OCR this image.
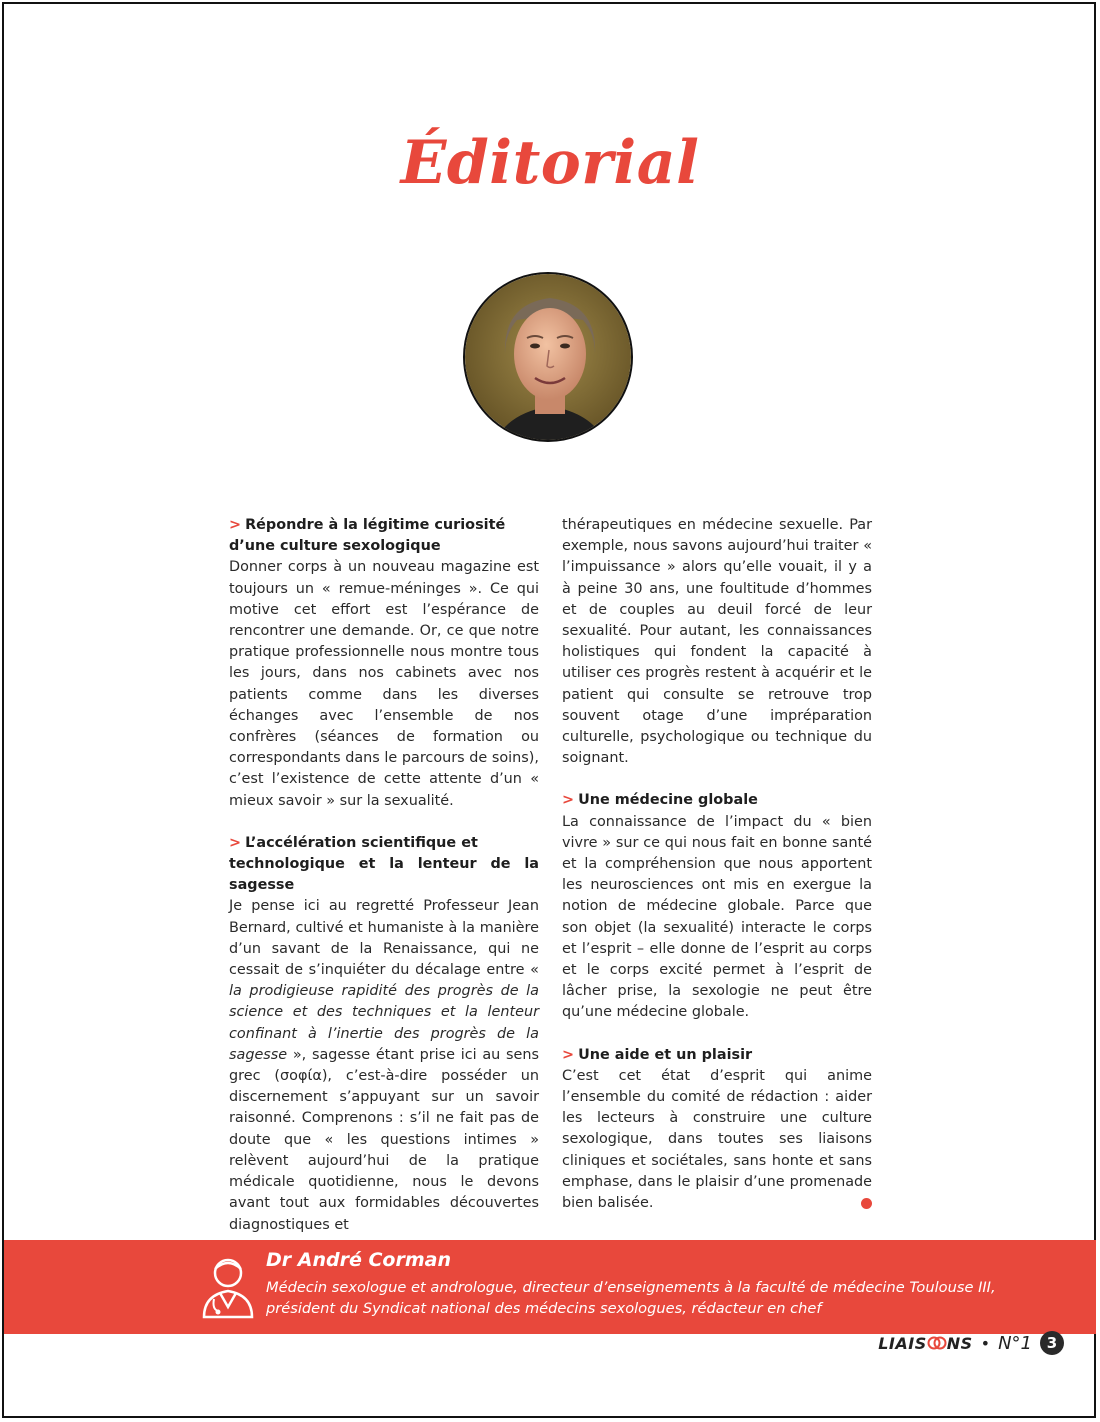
Éditorial

> Répondre à la légitime curiosité
d’une culture sexologique

Donner corps à un nouveau magazine est toujours un « remue-méninges ». Ce qui motive cet effort est l’espérance de rencontrer une demande. Or, ce que notre pratique professionnelle nous montre tous les jours, dans nos cabinets avec nos patients comme dans les diverses échanges avec l’ensemble de nos confrères (séances de formation ou correspondants dans le parcours de soins), c’est l’existence de cette attente d’un « mieux savoir » sur la sexualité.

> L’accélération scientifique et
technologique et la lenteur de la sagesse

Je pense ici au regretté Professeur Jean Bernard, cultivé et humaniste à la manière d’un savant de la Renaissance, qui ne cessait de s’inquiéter du décalage entre « la prodigieuse rapidité des progrès de la science et des techniques et la lenteur confinant à l’inertie des progrès de la sagesse », sagesse étant prise ici au sens grec (σοφία), c’est-à-dire posséder un discernement s’appuyant sur un savoir raisonné. Comprenons : s’il ne fait pas de doute que « les questions intimes » relèvent aujourd’hui de la pratique médicale quotidienne, nous le devons avant tout aux formidables découvertes diagnostiques et

thérapeutiques en médecine sexuelle. Par exemple, nous savons aujourd’hui traiter « l’impuissance » alors qu’elle vouait, il y a à peine 30 ans, une foultitude d’hommes et de couples au deuil forcé de leur sexualité. Pour autant, les connaissances holistiques qui fondent la capacité à utiliser ces progrès restent à acquérir et le patient qui consulte se retrouve trop souvent otage d’une impréparation culturelle, psychologique ou technique du soignant.

> Une médecine globale

La connaissance de l’impact du « bien vivre » sur ce qui nous fait en bonne santé et la compréhension que nous apportent les neurosciences ont mis en exergue la notion de médecine globale. Parce que son objet (la sexualité) interacte le corps et l’esprit – elle donne de l’esprit au corps et le corps excité permet à l’esprit de lâcher prise, la sexologie ne peut être qu’une médecine globale.

> Une aide et un plaisir

C’est cet état d’esprit qui anime l’ensemble du comité de rédaction : aider les lecteurs à construire une culture sexologique, dans toutes ses liaisons cliniques et sociétales, sans honte et sans emphase, dans le plaisir d’une promenade bien balisée.

Dr André Corman

Médecin sexologue et andrologue, directeur d’enseignements à la faculté de médecine Toulouse III,
président du Syndicat national des médecins sexologues, rédacteur en chef

LIAIS NS • N°1 3
